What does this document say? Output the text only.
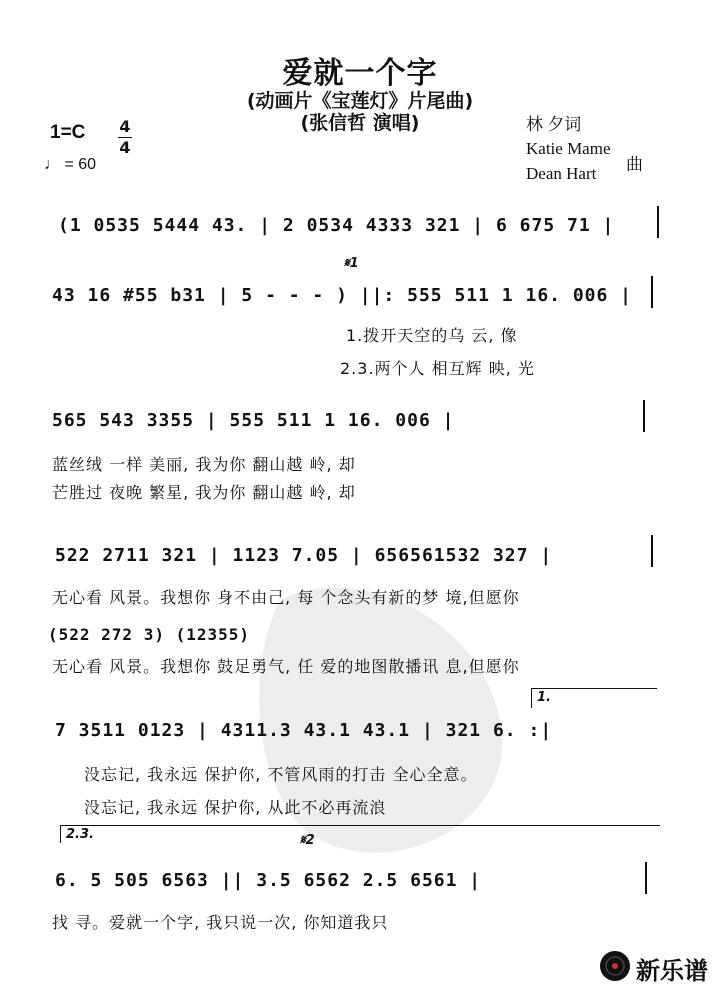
爱就一个字
(动画片《宝莲灯》片尾曲)
(张信哲 演唱)
1=C 4
4
♩ = 60
林 夕词
Katie Mame
Dean Hart 曲
(1 0535 5444 43. | 2 0534 4333 321 | 6 675 71 |
𝄋1
43 16 #55 b31 | 5 - - - ) ||: 555 511 1 16. 006 |
1.拨开天空的乌 云, 像
2.3.两个人 相互辉 映, 光
565 543 3355 | 555 511 1 16. 006 |
蓝丝绒 一样 美丽, 我为你 翻山越 岭, 却
芒胜过 夜晚 繁星, 我为你 翻山越 岭, 却
522 2711 321 | 1123 7.05 | 656561532 327 |
无心看 风景。我想你 身不由己, 每 个念头有新的梦 境,但愿你
(522 272 3) (12355)
无心看 风景。我想你 鼓足勇气, 任 爱的地图散播讯 息,但愿你
1.
7 3511 0123 | 4311.3 43.1 43.1 | 321 6. :|
没忘记, 我永远 保护你, 不管风雨的打击 全心全意。
没忘记, 我永远 保护你, 从此不必再流浪
2.3.	𝄋2
6. 5 505 6563 || 3.5 6562 2.5 6561 |
找 寻。爱就一个字, 我只说一次, 你知道我只
新乐谱
